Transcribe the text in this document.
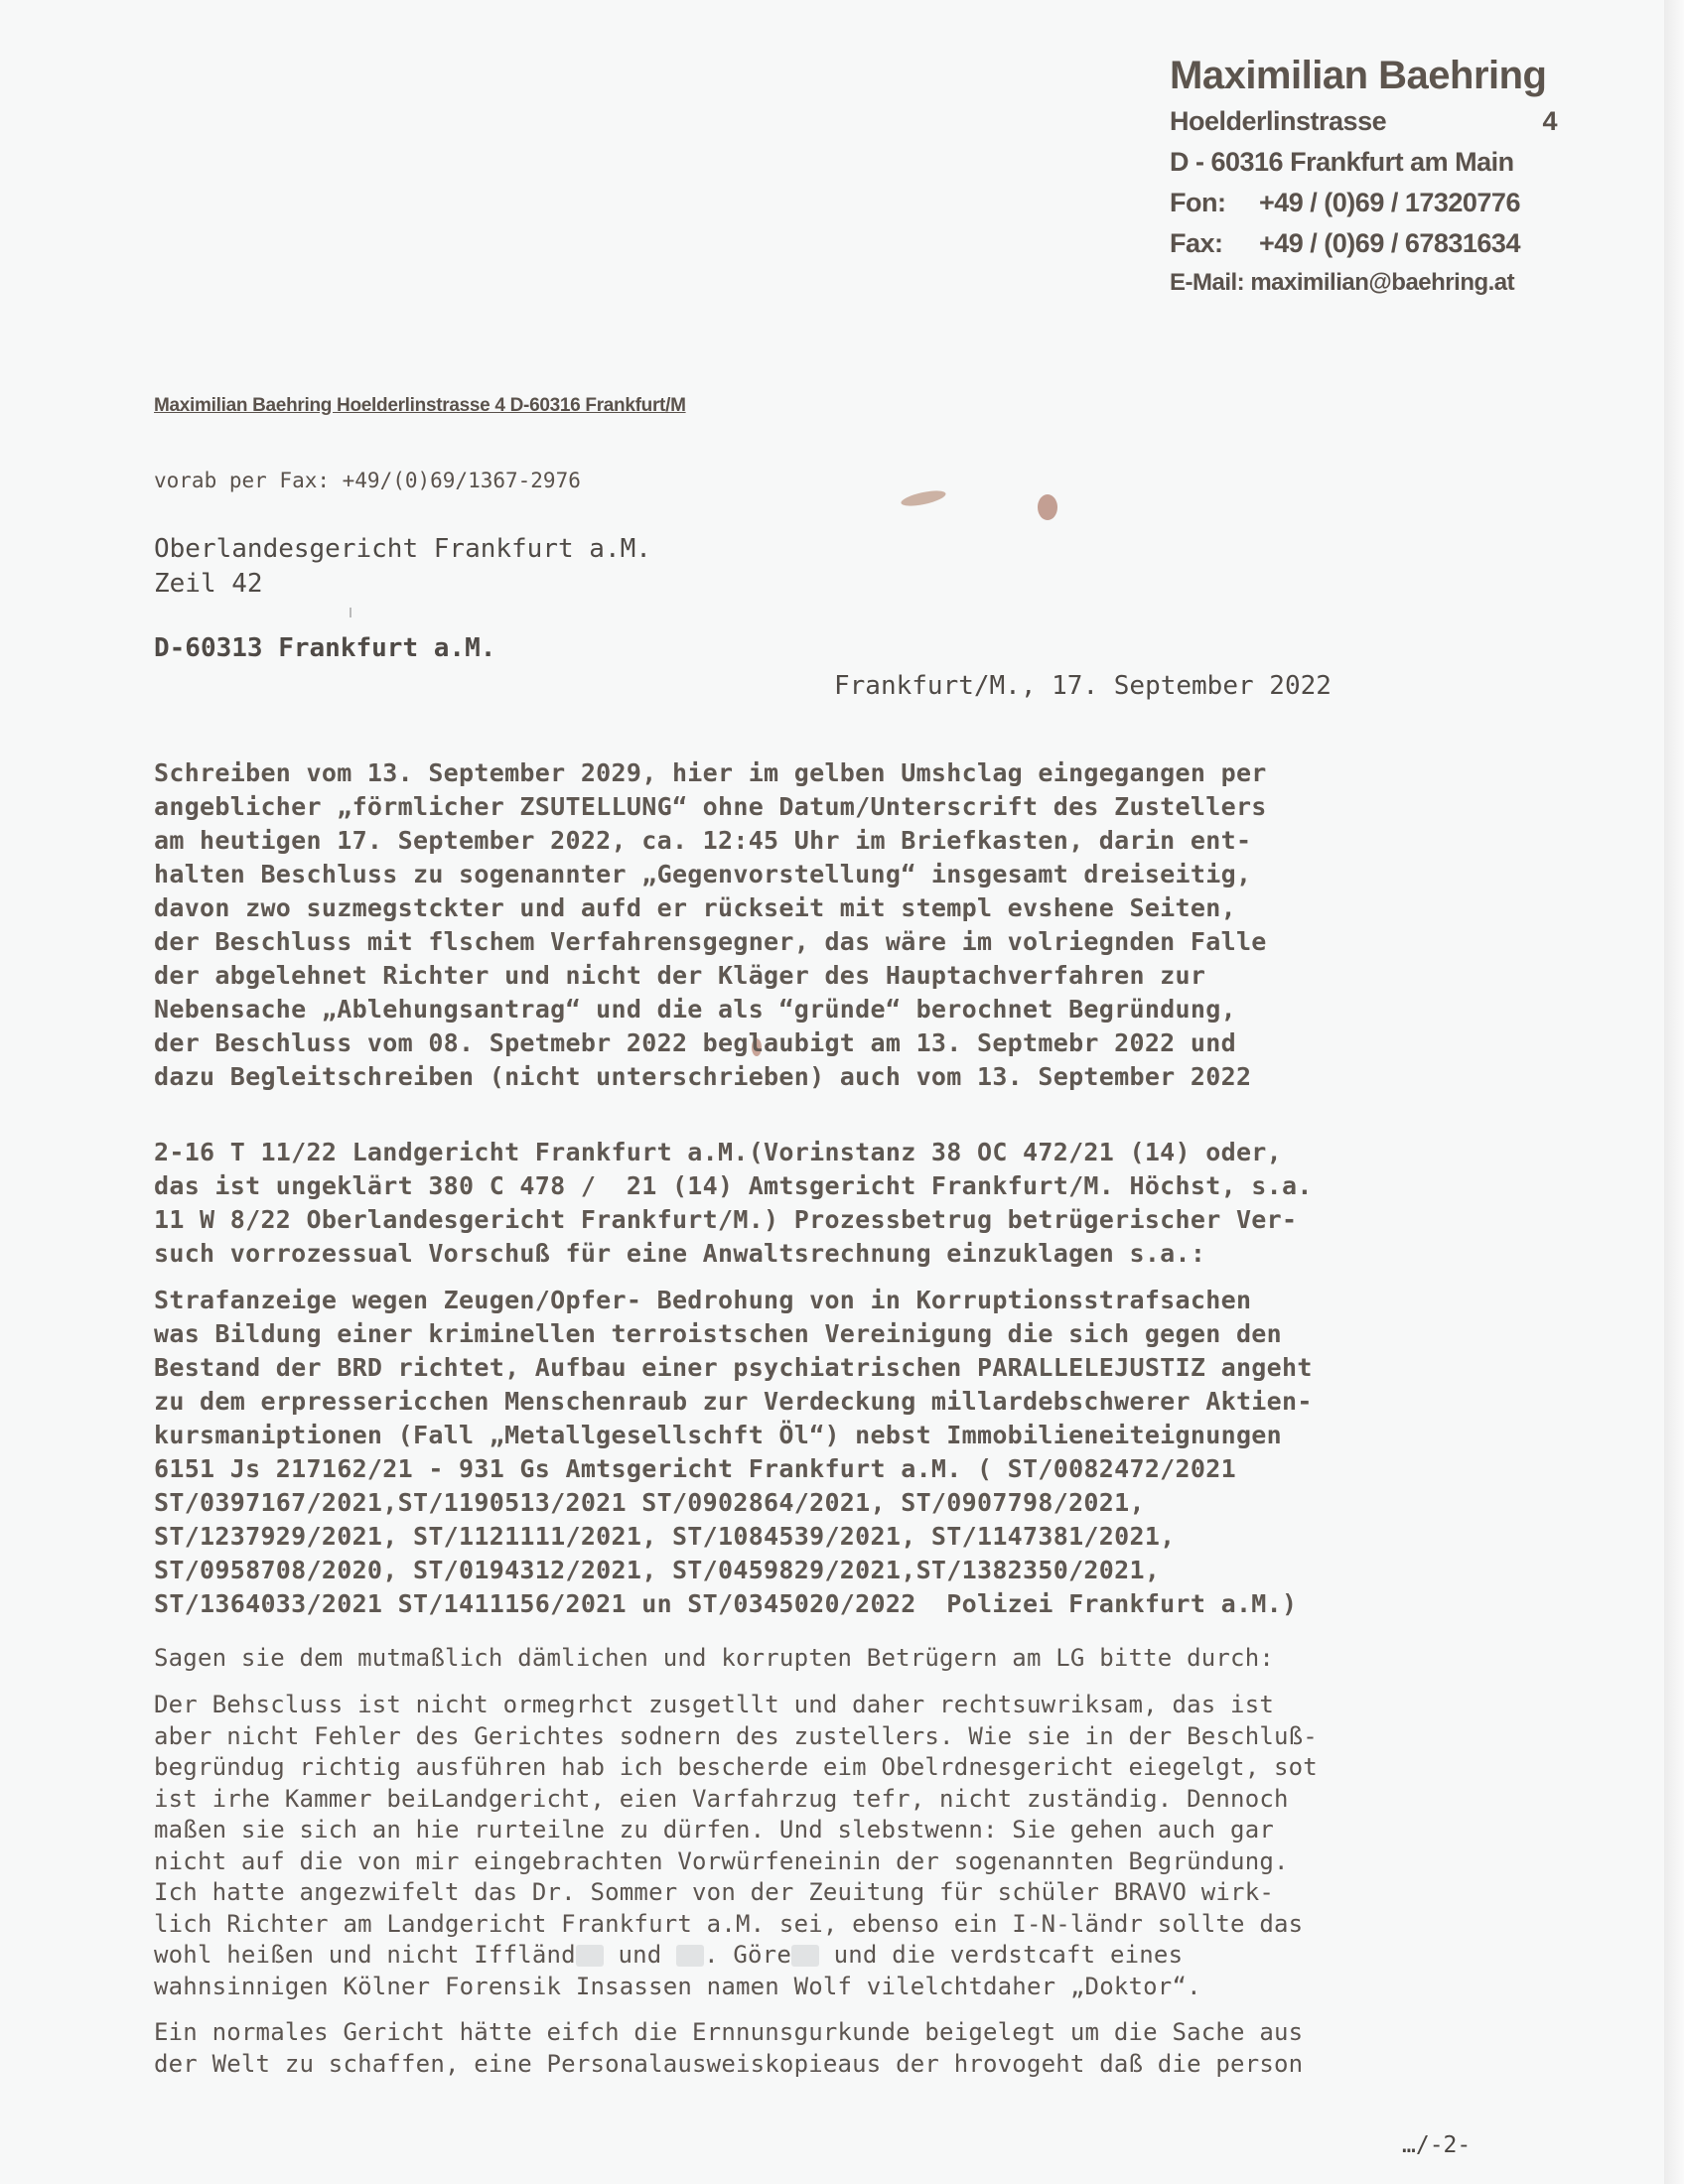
Maximilian Baehring
Hoelderlinstrasse	4
D - 60316 Frankfurt am Main
Fon:	+49 / (0)69 / 17320776
Fax:	+49 / (0)69 / 67831634
E-Mail: maximilian@baehring.at
Maximilian Baehring Hoelderlinstrasse 4 D-60316 Frankfurt/M
vorab per Fax: +49/(0)69/1367-2976
Oberlandesgericht Frankfurt a.M.
Zeil 42
D-60313 Frankfurt a.M.
Frankfurt/M., 17. September 2022
Schreiben vom 13. September 2029, hier im gelben Umshclag eingegangen per
angeblicher „förmlicher ZSUTELLUNG“ ohne Datum/Unterscrift des Zustellers
am heutigen 17. September 2022, ca. 12:45 Uhr im Briefkasten, darin ent-
halten Beschluss zu sogenannter „Gegenvorstellung“ insgesamt dreiseitig,
davon zwo suzmegstckter und aufd er rückseit mit stempl evshene Seiten,
der Beschluss mit flschem Verfahrensgegner, das wäre im volriegnden Falle
der abgelehnet Richter und nicht der Kläger des Hauptachverfahren zur
Nebensache „Ablehungsantrag“ und die als “gründe“ berochnet Begründung,
der Beschluss vom 08. Spetmebr 2022 beglaubigt am 13. Septmebr 2022 und
dazu Begleitschreiben (nicht unterschrieben) auch vom 13. September 2022
2-16 T 11/22 Landgericht Frankfurt a.M.(Vorinstanz 38 OC 472/21 (14) oder,
das ist ungeklärt 380 C 478 /  21 (14) Amtsgericht Frankfurt/M. Höchst, s.a.
11 W 8/22 Oberlandesgericht Frankfurt/M.) Prozessbetrug betrügerischer Ver-
such vorrozessual Vorschuß für eine Anwaltsrechnung einzuklagen s.a.:
Strafanzeige wegen Zeugen/Opfer- Bedrohung von in Korruptionsstrafsachen
was Bildung einer kriminellen terroistschen Vereinigung die sich gegen den
Bestand der BRD richtet, Aufbau einer psychiatrischen PARALLELEJUSTIZ angeht
zu dem erpressericchen Menschenraub zur Verdeckung millardebschwerer Aktien-
kursmaniptionen (Fall „Metallgesellschft Öl“) nebst Immobilieneiteignungen
6151 Js 217162/21 - 931 Gs Amtsgericht Frankfurt a.M. ( ST/0082472/2021
ST/0397167/2021,ST/1190513/2021 ST/0902864/2021, ST/0907798/2021,
ST/1237929/2021, ST/1121111/2021, ST/1084539/2021, ST/1147381/2021,
ST/0958708/2020, ST/0194312/2021, ST/0459829/2021,ST/1382350/2021,
ST/1364033/2021 ST/1411156/2021 un ST/0345020/2022  Polizei Frankfurt a.M.)
Sagen sie dem mutmaßlich dämlichen und korrupten Betrügern am LG bitte durch:
Der Behscluss ist nicht ormegrhct zusgetllt und daher rechtsuwriksam, das ist
aber nicht Fehler des Gerichtes sodnern des zustellers. Wie sie in der Beschluß-
begründug richtig ausführen hab ich bescherde eim Obelrdnesgericht eiegelgt, sot
ist irhe Kammer beiLandgericht, eien Varfahrzug tefr, nicht zuständig. Dennoch
maßen sie sich an hie rurteilne zu dürfen. Und slebstwenn: Sie gehen auch gar
nicht auf die von mir eingebrachten Vorwürfeneinin der sogenannten Begründung.
Ich hatte angezwifelt das Dr. Sommer von der Zeuitung für schüler BRAVO wirk-
lich Richter am Landgericht Frankfurt a.M. sei, ebenso ein I-N-ländr sollte das
wohl heißen und nicht Iffländ und . Göre und die verdstcaft eines
wahnsinnigen Kölner Forensik Insassen namen Wolf vilelchtdaher „Doktor“.
Ein normales Gericht hätte eifch die Ernnunsgurkunde beigelegt um die Sache aus
der Welt zu schaffen, eine Personalausweiskopieaus der hrovogeht daß die person
…/-2-
